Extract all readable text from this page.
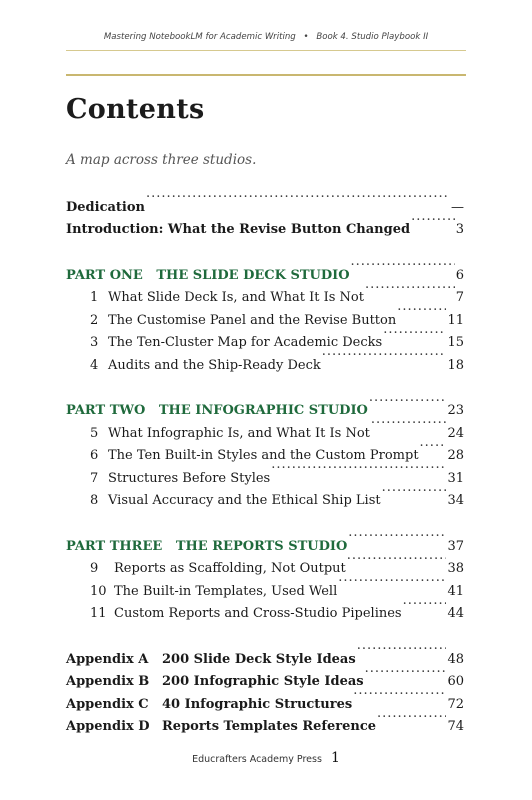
Mastering NotebookLM for Academic Writing • Book 4. Studio Playbook II
Contents
A map across three studios.
Dedication .....	—
Introduction: What the Revise Button Changed .....	3
PART ONE   THE SLIDE DECK STUDIO .....	6
1 What Slide Deck Is, and What It Is Not .....	7
2 The Customise Panel and the Revise Button .....	11
3 The Ten-Cluster Map for Academic Decks .....	15
4 Audits and the Ship-Ready Deck .....	18
PART TWO   THE INFOGRAPHIC STUDIO .....	23
5 What Infographic Is, and What It Is Not .....	24
6 The Ten Built-in Styles and the Custom Prompt ..... 28
7 Structures Before Styles .....	31
8 Visual Accuracy and the Ethical Ship List .....	34
PART THREE   THE REPORTS STUDIO .....	37
9 Reports as Scaffolding, Not Output .....	38
10 The Built-in Templates, Used Well .....	41
11 Custom Reports and Cross-Studio Pipelines .....	44
Appendix A 200 Slide Deck Style Ideas .....	48
Appendix B 200 Infographic Style Ideas .....	60
Appendix C 40 Infographic Structures .....	72
Appendix D Reports Templates Reference .....	74
Educrafters Academy Press 1
